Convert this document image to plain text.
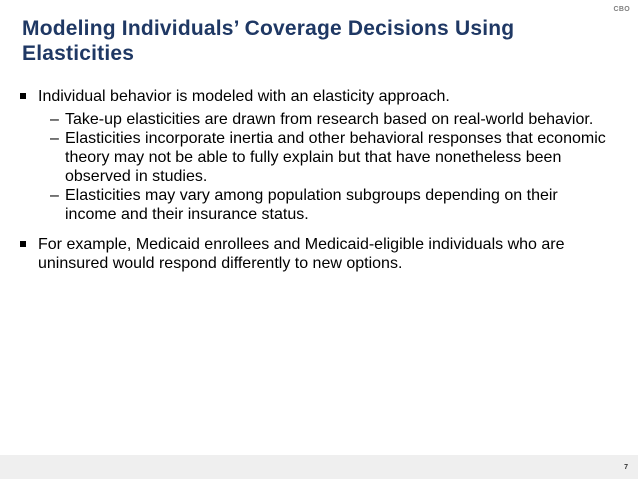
CBO
Modeling Individuals’ Coverage Decisions Using Elasticities
Individual behavior is modeled with an elasticity approach.
– Take-up elasticities are drawn from research based on real-world behavior.
– Elasticities incorporate inertia and other behavioral responses that economic theory may not be able to fully explain but that have nonetheless been observed in studies.
– Elasticities may vary among population subgroups depending on their income and their insurance status.
For example, Medicaid enrollees and Medicaid-eligible individuals who are uninsured would respond differently to new options.
7
